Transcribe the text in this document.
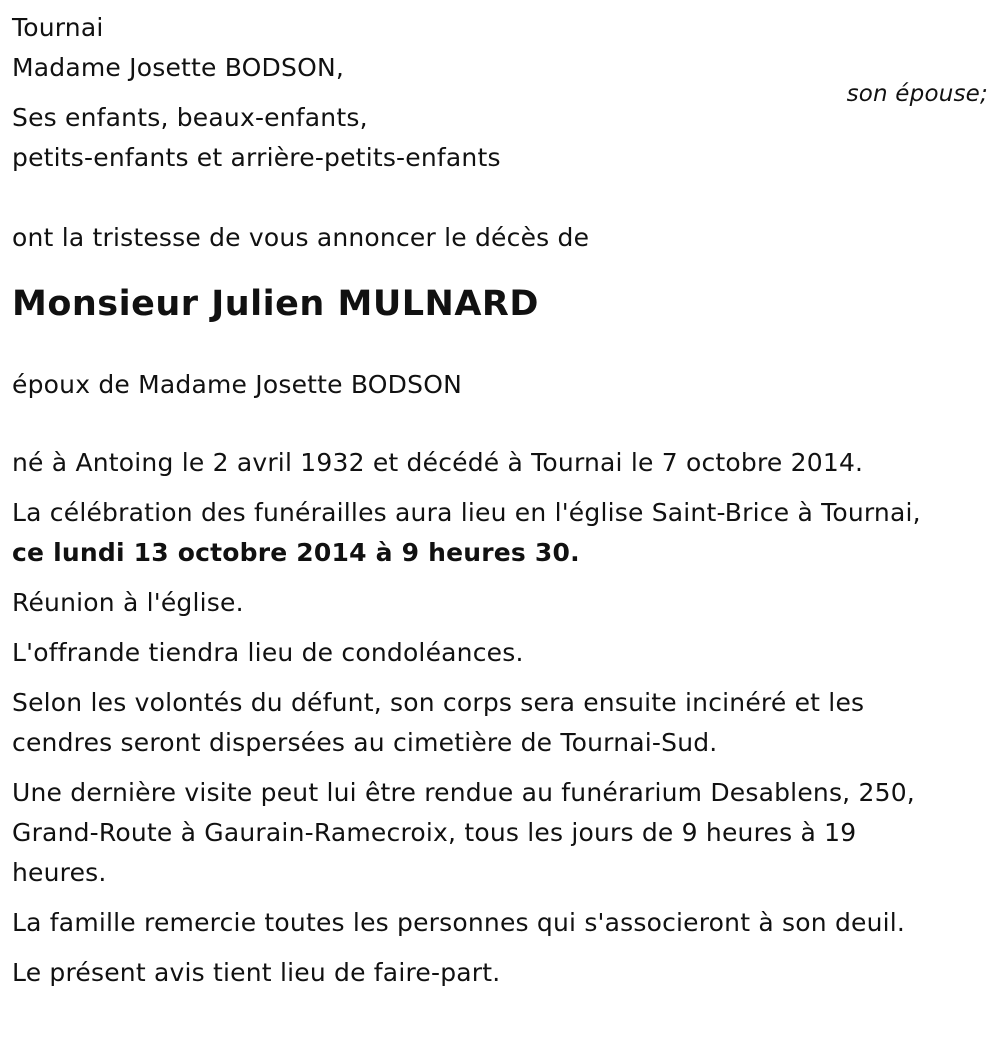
Tournai

Madame Josette BODSON,

son épouse;

Ses enfants, beaux-enfants,

petits-enfants et arrière-petits-enfants

ont la tristesse de vous annoncer le décès de

Monsieur Julien MULNARD

époux de Madame Josette BODSON

né à Antoing le 2 avril 1932 et décédé à Tournai le 7 octobre 2014.

La célébration des funérailles aura lieu en l'église Saint-Brice à Tournai,

ce lundi 13 octobre 2014 à 9 heures 30.

Réunion à l'église.

L'offrande tiendra lieu de condoléances.

Selon les volontés du défunt, son corps sera ensuite incinéré et les

cendres seront dispersées au cimetière de Tournai-Sud.

Une dernière visite peut lui être rendue au funérarium Desablens, 250,

Grand-Route à Gaurain-Ramecroix, tous les jours de 9 heures à 19

heures.

La famille remercie toutes les personnes qui s'associeront à son deuil.

Le présent avis tient lieu de faire-part.
